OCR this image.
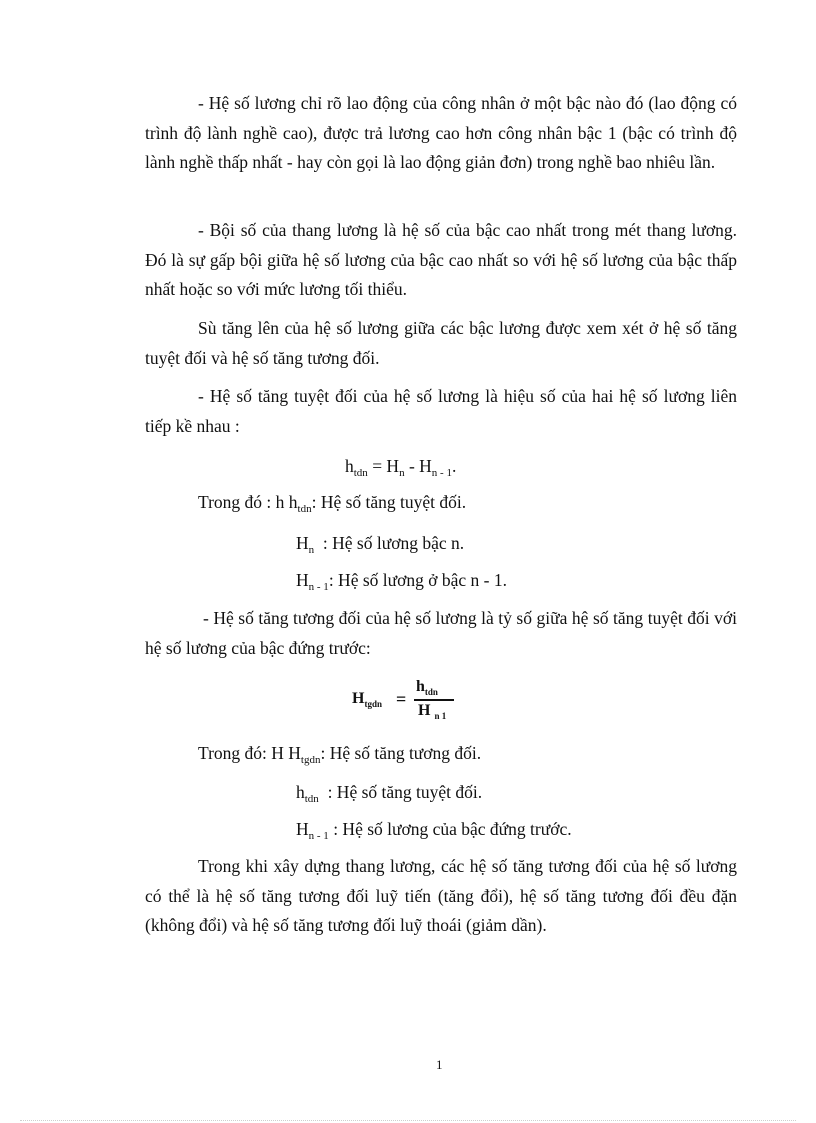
- Hệ số lương chỉ rõ lao động của công nhân ở một bậc nào đó (lao động có trình độ lành nghề cao), được trả lương cao hơn công nhân bậc 1 (bậc có trình độ lành nghề thấp nhất - hay còn gọi là lao động giản đơn) trong nghề bao nhiêu lần.

- Bội số của thang lương là hệ số của bậc cao nhất trong mét thang lương. Đó là sự gấp bội giữa hệ số lương của bậc cao nhất so với hệ số lương của bậc thấp nhất hoặc so với mức lương tối thiểu.

Sù tăng lên của hệ số lương giữa các bậc lương được xem xét ở hệ số tăng tuyệt đối và hệ số tăng tương đối.

- Hệ số tăng tuyệt đối của hệ số lương là hiệu số của hai hệ số lương liên tiếp kề nhau :

$h_{tdn} = H_n - H_{n - 1}$.

Trong đó : h $h_{tdn}$: Hệ số tăng tuyệt đối.

$H_n$  : Hệ số lương bậc n.

$H_{n - 1}$: Hệ số lương ở bậc n - 1.

- Hệ số tăng tương đối của hệ số lương là tỷ số giữa hệ số tăng tuyệt đối với hệ số lương của bậc đứng trước:

$H_{tgdn}$ =
$h_{tdn}$
H $_{n 1}$

Trong đó: H $H_{tgdn}$: Hệ số tăng tương đối.

$h_{tdn}$  : Hệ số tăng tuyệt đối.

$H_{n - 1}$ : Hệ số lương của bậc đứng trước.

Trong khi xây dựng thang lương, các hệ số tăng tương đối của hệ số lương có thể là hệ số tăng tương đối luỹ tiến (tăng đổi), hệ số tăng tương đối đều đặn (không đổi) và hệ số tăng tương đối luỹ thoái (giảm dần).

1
